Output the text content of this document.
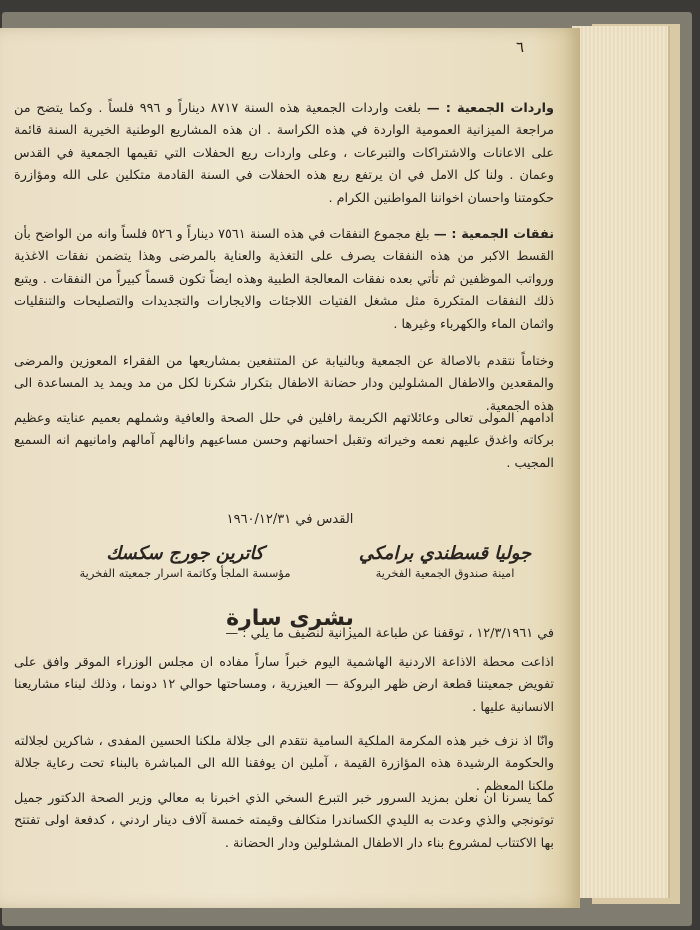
٦

واردات الجمعية : — بلغت واردات الجمعية هذه السنة ٨٧١٧ ديناراً و ٩٩٦ فلساً . وكما يتضح من مراجعة الميزانية العمومية الواردة في هذه الكراسة . ان هذه المشاريع الوطنية الخيرية السنة قائمة على الاعانات والاشتراكات والتبرعات ، وعلى واردات ريع الحفلات التي تقيمها الجمعية في القدس وعمان . ولنا كل الامل في ان يرتفع ريع هذه الحفلات في السنة القادمة متكلين على الله ومؤازرة حكومتنا واحسان اخواننا المواطنين الكرام .

نفقات الجمعية : — بلغ مجموع النفقات في هذه السنة ٧٥٦١ ديناراً و ٥٢٦ فلساً وانه من الواضح بأن القسط الاكبر من هذه النفقات يصرف على التغذية والعناية بالمرضى وهذا يتضمن نفقات الاغذية ورواتب الموظفين ثم تأتي بعده نفقات المعالجة الطبية وهذه ايضاً تكون قسماً كبيراً من النفقات . ويتبع ذلك النفقات المتكررة مثل مشغل الفتيات اللاجئات والايجارات والتجديدات والتصليحات والتنقليات واثمان الماء والكهرباء وغيرها .

وختاماً نتقدم بالاصالة عن الجمعية وبالنيابة عن المتنفعين بمشاريعها من الفقراء المعوزين والمرضى والمقعدين والاطفال المشلولين ودار حضانة الاطفال بتكرار شكرنا لكل من مد ويمد يد المساعدة الى هذه الجمعية.

ادامهم المولى تعالى وعائلاتهم الكريمة رافلين في حلل الصحة والعافية وشملهم بعميم عنايته وعظيم بركاته واغدق عليهم نعمه وخيراته وتقبل احسانهم وحسن مساعيهم وانالهم آمالهم واماني‍هم انه السميع المجيب .

القدس في ١٩٦٠/١٢/٣١

جوليا قسطندي برامكي
امينة صندوق الجمعية الفخرية
كاترين جورج سكسك
مؤسسة الملجأ وكاتمة اسرار جمعيته الفخرية
بشرى سارة

في ١٢/٣/١٩٦١ ، توقفنا عن طباعة الميزانية لنضيف ما يلي : —

اذاعت محطة الاذاعة الاردنية الهاشمية اليوم خبراً ساراً مفاده ان مجلس الوزراء الموقر وافق على تفويض جمعيتنا قطعة ارض ظهر البروكة — العيزرية ، ومساحتها حوالي ١٢ دونما ، وذلك لبناء مشاريعنا الانسانية عليها .

وانّا اذ نزف خبر هذه المكرمة الملكية السامية نتقدم الى جلالة ملكنا الحسين المفدى ، شاكرين لجلالته والحكومة الرشيدة هذه المؤازرة القيمة ، آملين ان يوفقنا الله الى المباشرة بالبناء تحت رعاية جلالة ملكنا المعظم .

كما يسرنا ان نعلن بمزيد السرور خبر التبرع السخي الذي اخبرنا به معالي وزير الصحة الدكتور جميل توتونجي والذي وعدت به الليدي الكساندرا متكالف وقيمته خمسة آلاف دينار اردني ، كدفعة اولى تفتتح بها الاكتتاب لمشروع بناء دار الاطفال المشلولين ودار الحضانة .
